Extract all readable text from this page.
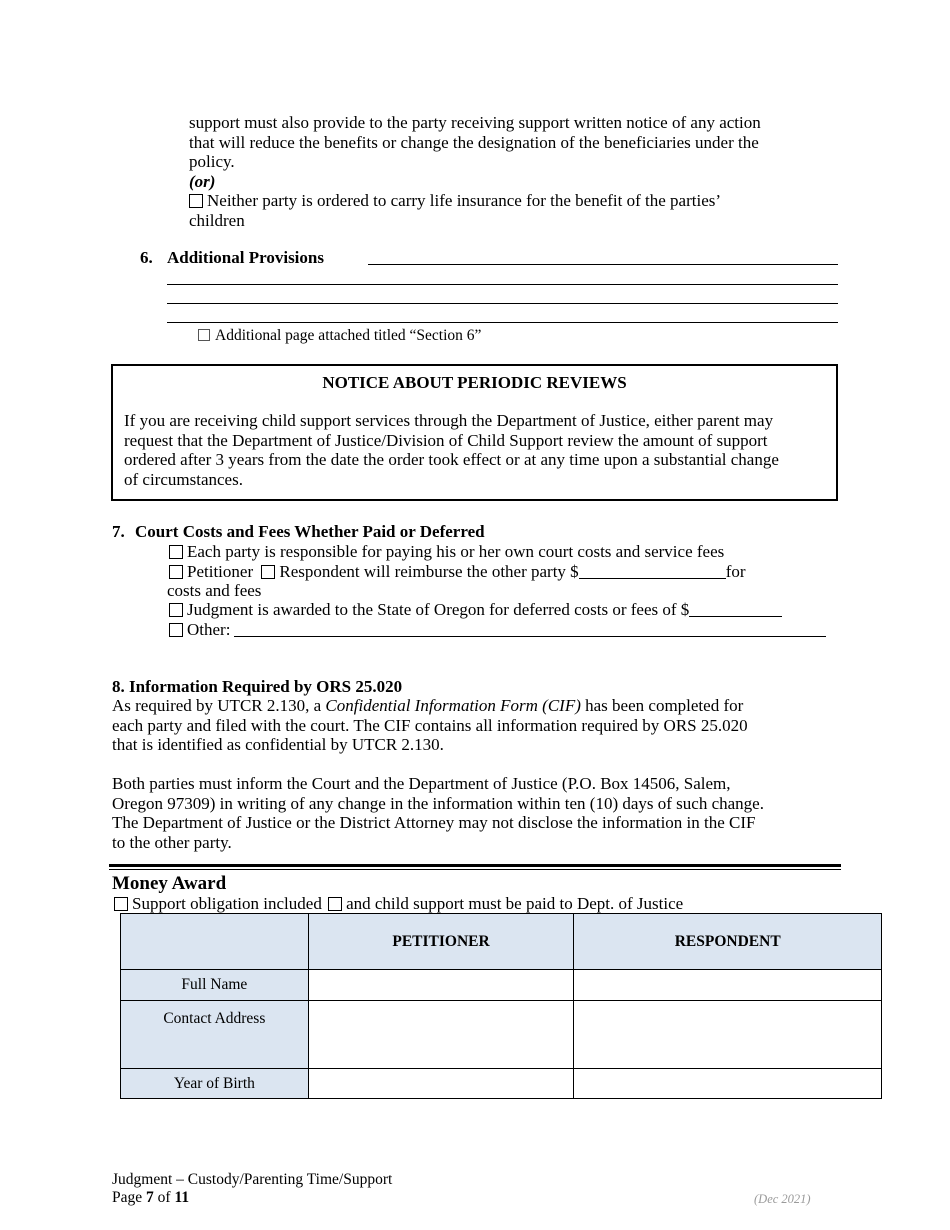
support must also provide to the party receiving support written notice of any action
that will reduce the benefits or change the designation of the beneficiaries under the
policy.
(or)
Neither party is ordered to carry life insurance for the benefit of the parties’
children
6. Additional Provisions
Additional page attached titled “Section 6”
NOTICE ABOUT PERIODIC REVIEWS
If you are receiving child support services through the Department of Justice, either parent may
request that the Department of Justice/Division of Child Support review the amount of support
ordered after 3 years from the date the order took effect or at any time upon a substantial change
of circumstances.
7. Court Costs and Fees Whether Paid or Deferred
Each party is responsible for paying his or her own court costs and service fees
Petitioner Respondent will reimburse the other party $	for
costs and fees
Judgment is awarded to the State of Oregon for deferred costs or fees of $
Other:
8. Information Required by ORS 25.020
As required by UTCR 2.130, a Confidential Information Form (CIF) has been completed for
each party and filed with the court. The CIF contains all information required by ORS 25.020
that is identified as confidential by UTCR 2.130.
Both parties must inform the Court and the Department of Justice (P.O. Box 14506, Salem,
Oregon 97309) in writing of any change in the information within ten (10) days of such change.
The Department of Justice or the District Attorney may not disclose the information in the CIF
to the other party.
Money Award
Support obligation included and child support must be paid to Dept. of Justice
	PETITIONER	RESPONDENT
Full Name		
Contact Address		
Year of Birth		
Judgment – Custody/Parenting Time/Support
Page 7 of 11	(Dec 2021)
